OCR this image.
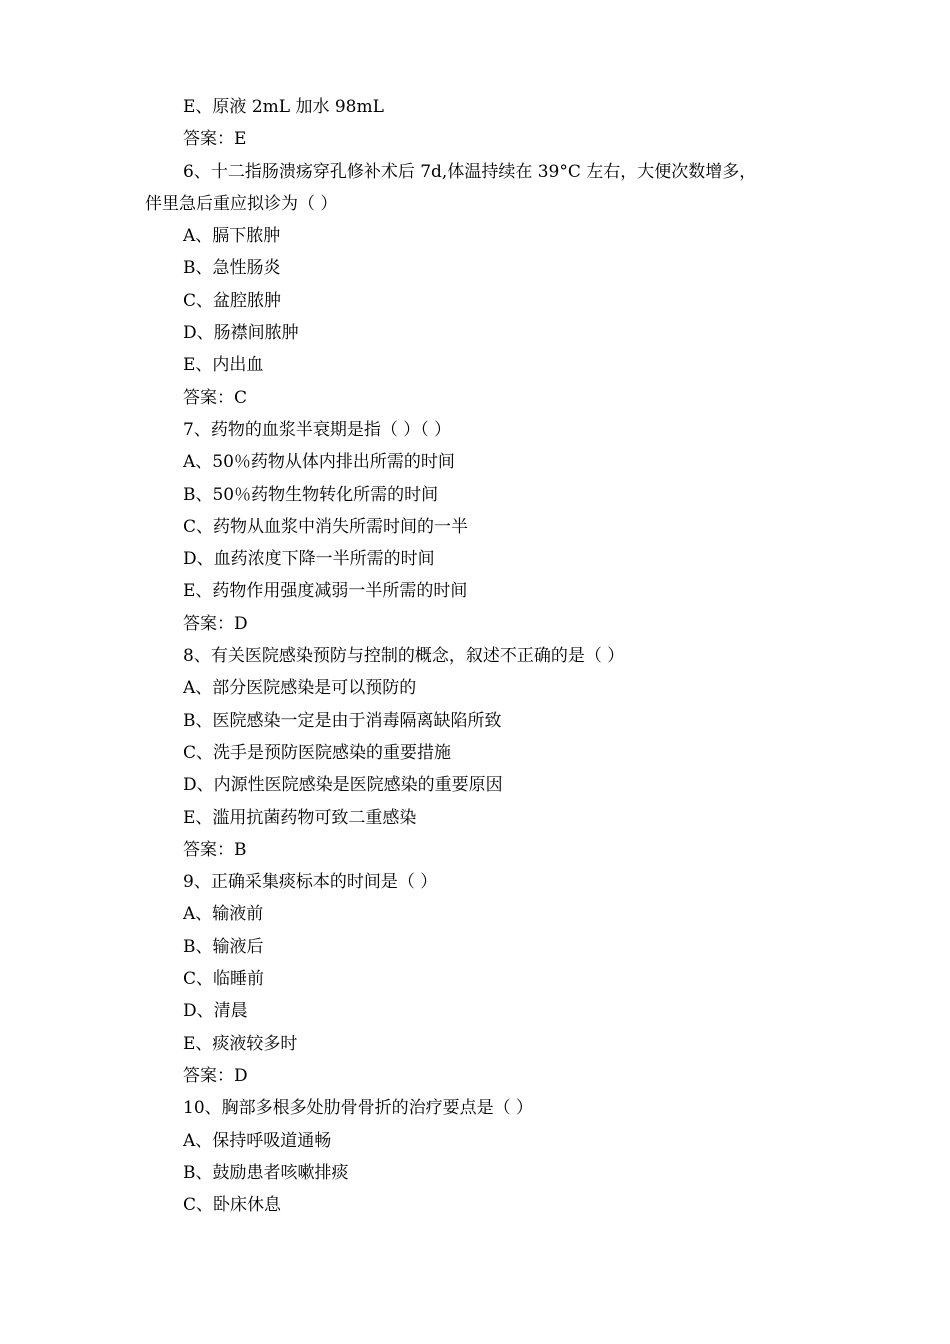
E、原液 2mL 加水 98mL
答案：E
6、十二指肠溃疡穿孔修补术后 7d,体温持续在 39°C 左右，大便次数增多，
伴里急后重应拟诊为（ ）
A、膈下脓肿
B、急性肠炎
C、盆腔脓肿
D、肠襟间脓肿
E、内出血
答案：C
7、药物的血浆半衰期是指（ ）（ ）
A、50％药物从体内排出所需的时间
B、50％药物生物转化所需的时间
C、药物从血浆中消失所需时间的一半
D、血药浓度下降一半所需的时间
E、药物作用强度减弱一半所需的时间
答案：D
8、有关医院感染预防与控制的概念，叙述不正确的是（ ）
A、部分医院感染是可以预防的
B、医院感染一定是由于消毒隔离缺陷所致
C、洗手是预防医院感染的重要措施
D、内源性医院感染是医院感染的重要原因
E、滥用抗菌药物可致二重感染
答案：B
9、正确采集痰标本的时间是（ ）
A、输液前
B、输液后
C、临睡前
D、清晨
E、痰液较多时
答案：D
10、胸部多根多处肋骨骨折的治疗要点是（ ）
A、保持呼吸道通畅
B、鼓励患者咳嗽排痰
C、卧床休息
